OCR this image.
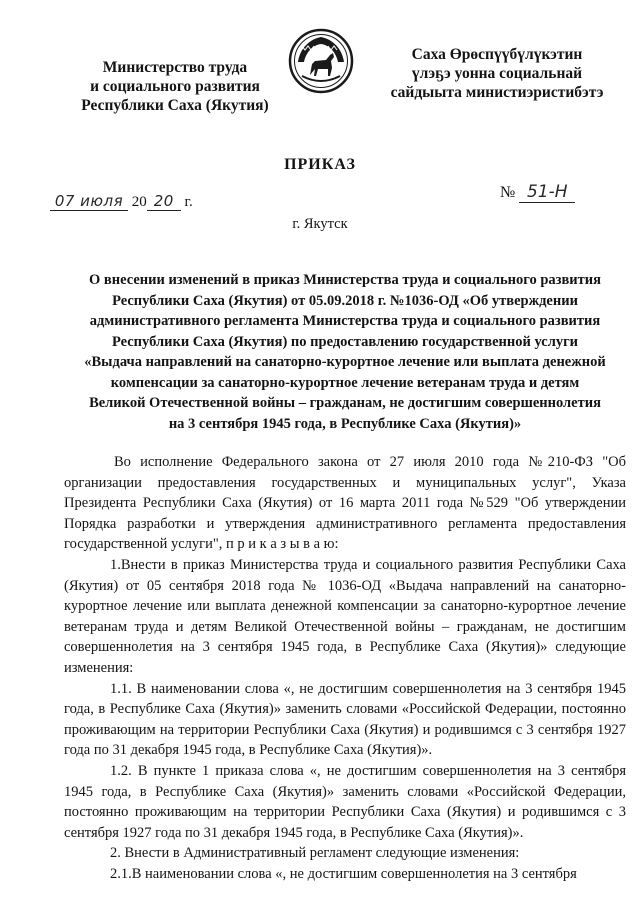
Министерство труда
и социального развития
Республики Саха (Якутия)
Саха Өрөспүүбүлүкэтин
үлэҕэ уонна социальнай
сайдыыта министиэристибэтэ
ПРИКАЗ
07 июля 20 20 г.
№ 51-Н
г. Якутск
О внесении изменений в приказ Министерства труда и социального развития
Республики Саха (Якутия) от 05.09.2018 г. №1036-ОД «Об утверждении
административного регламента Министерства труда и социального развития
Республики Саха (Якутия) по предоставлению государственной услуги
«Выдача направлений на санаторно-курортное лечение или выплата денежной
компенсации за санаторно-курортное лечение ветеранам труда и детям
Великой Отечественной войны – гражданам, не достигшим совершеннолетия
на 3 сентября 1945 года, в Республике Саха (Якутия)»

Во исполнение Федерального закона от 27 июля 2010 года №210-ФЗ "Об организации предоставления государственных и муниципальных услуг", Указа Президента Республики Саха (Якутия) от 16 марта 2011 года №529 "Об утверждении Порядка разработки и утверждения административного регламента предоставления государственной услуги", п р и к а з ы в а ю:

1.Внести в приказ Министерства труда и социального развития Республики Саха (Якутия) от 05 сентября 2018 года № 1036-ОД «Выдача направлений на санаторно-курортное лечение или выплата денежной компенсации за санаторно-курортное лечение ветеранам труда и детям Великой Отечественной войны – гражданам, не достигшим совершеннолетия на 3 сентября 1945 года, в Республике Саха (Якутия)» следующие изменения:

1.1. В наименовании слова «, не достигшим совершеннолетия на 3 сентября 1945 года, в Республике Саха (Якутия)» заменить словами «Российской Федерации, постоянно проживающим на территории Республики Саха (Якутия) и родившимся с 3 сентября 1927 года по 31 декабря 1945 года, в Республике Саха (Якутия)».

1.2. В пункте 1 приказа слова «, не достигшим совершеннолетия на 3 сентября 1945 года, в Республике Саха (Якутия)» заменить словами «Российской Федерации, постоянно проживающим на территории Республики Саха (Якутия) и родившимся с 3 сентября 1927 года по 31 декабря 1945 года, в Республике Саха (Якутия)».

2. Внести в Административный регламент следующие изменения:

2.1.В наименовании слова «, не достигшим совершеннолетия на 3 сентября
